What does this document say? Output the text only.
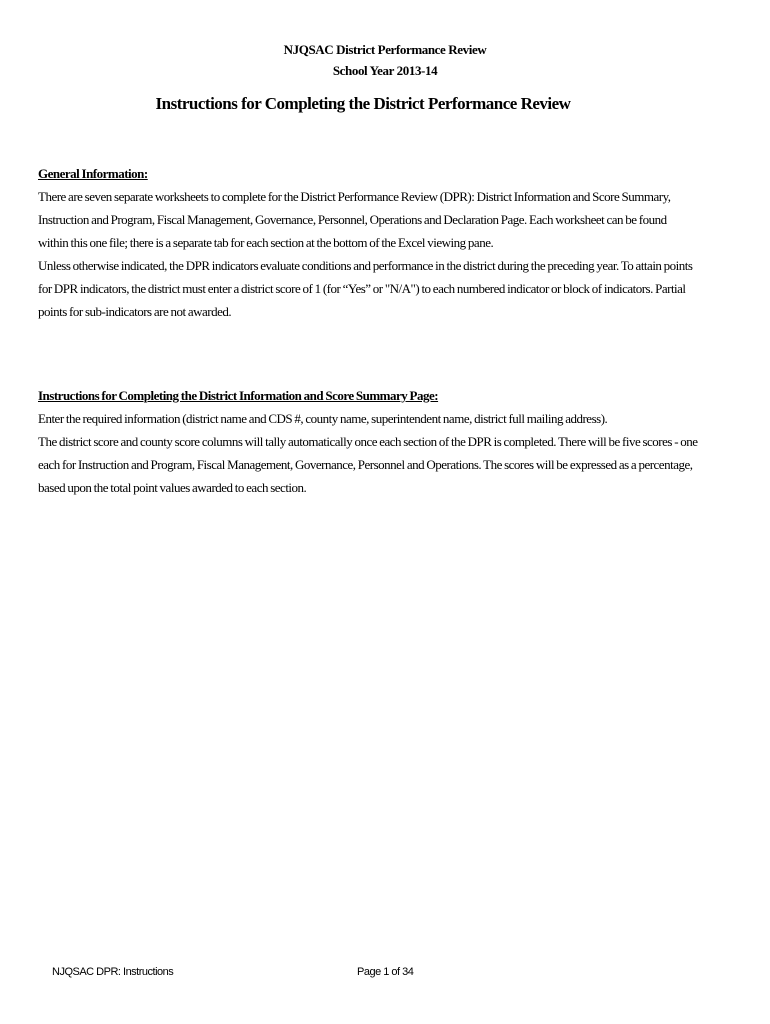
NJQSAC District Performance Review
School Year 2013-14
Instructions for Completing the District Performance Review
General Information:

There are seven separate worksheets to complete for the District Performance Review (DPR): District Information and Score Summary, Instruction and Program, Fiscal Management, Governance, Personnel, Operations and Declaration Page. Each worksheet can be found within this one file; there is a separate tab for each section at the bottom of the Excel viewing pane.

Unless otherwise indicated, the DPR indicators evaluate conditions and performance in the district during the preceding year. To attain points for DPR indicators, the district must enter a district score of 1 (for “Yes” or "N/A") to each numbered indicator or block of indicators. Partial points for sub-indicators are not awarded.

Instructions for Completing the District Information and Score Summary Page:

Enter the required information (district name and CDS #, county name, superintendent name, district full mailing address).

The district score and county score columns will tally automatically once each section of the DPR is completed. There will be five scores - one each for Instruction and Program, Fiscal Management, Governance, Personnel and Operations. The scores will be expressed as a percentage, based upon the total point values awarded to each section.

NJQSAC DPR: Instructions	Page 1 of 34
